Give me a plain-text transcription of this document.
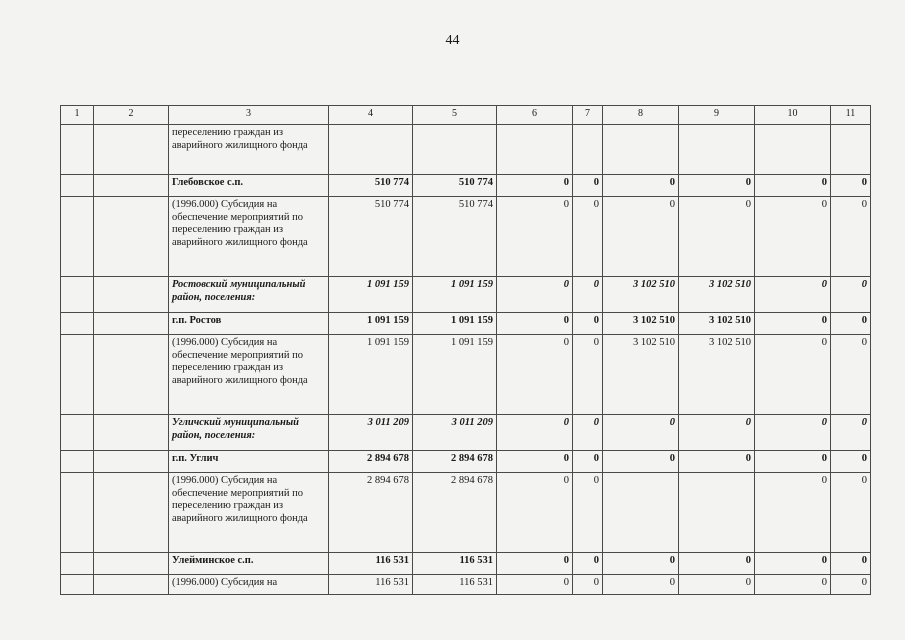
44
1	2	3	4	5	6	7	8	9	10	11
		переселению граждан из аварийного жилищного фонда								
		Глебовское с.п.	510 774	510 774	0	0	0	0	0	0
		(1996.000) Субсидия на обеспечение мероприятий по переселению граждан из аварийного жилищного фонда	510 774	510 774	0	0	0	0	0	0
		Ростовский муниципальный район, поселения:	1 091 159	1 091 159	0	0	3 102 510	3 102 510	0	0
		г.п. Ростов	1 091 159	1 091 159	0	0	3 102 510	3 102 510	0	0
		(1996.000) Субсидия на обеспечение мероприятий по переселению граждан из аварийного жилищного фонда	1 091 159	1 091 159	0	0	3 102 510	3 102 510	0	0
		Угличский муниципальный район, поселения:	3 011 209	3 011 209	0	0	0	0	0	0
		г.п. Углич	2 894 678	2 894 678	0	0	0	0	0	0
		(1996.000) Субсидия на обеспечение мероприятий по переселению граждан из аварийного жилищного фонда	2 894 678	2 894 678	0	0			0	0
		Улейминское с.п.	116 531	116 531	0	0	0	0	0	0
		(1996.000) Субсидия на	116 531	116 531	0	0	0	0	0	0
